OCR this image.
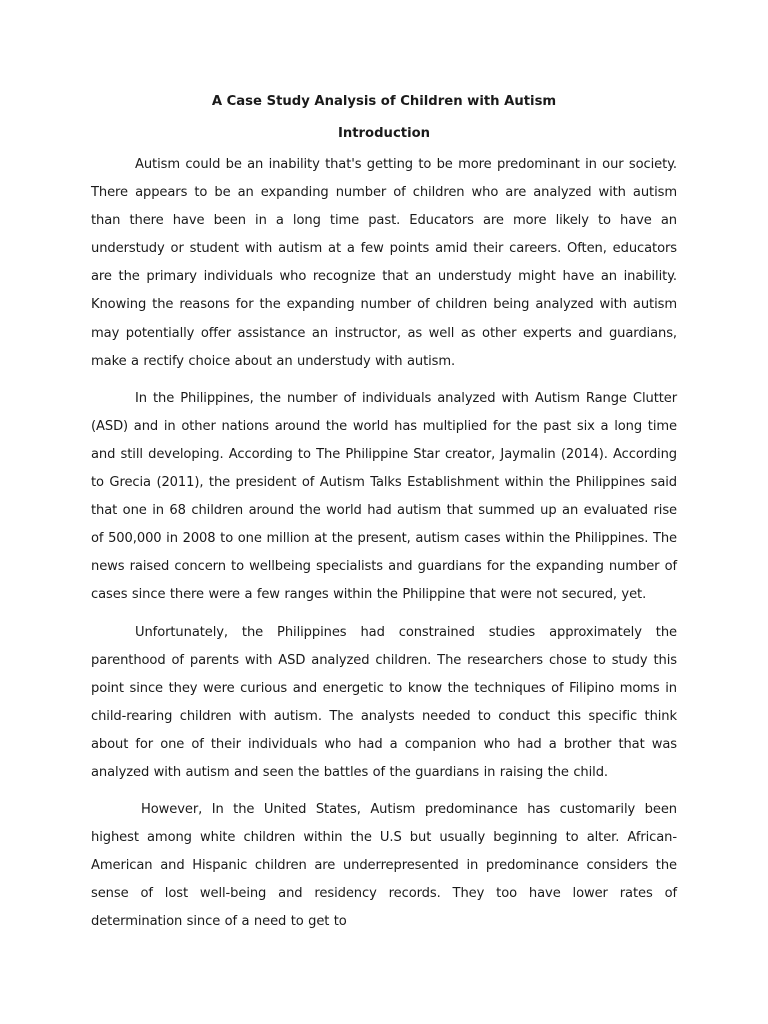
A Case Study Analysis of Children with Autism
Introduction

Autism could be an inability that's getting to be more predominant in our society. There appears to be an expanding number of children who are analyzed with autism than there have been in a long time past. Educators are more likely to have an understudy or student with autism at a few points amid their careers. Often, educators are the primary individuals who recognize that an understudy might have an inability. Knowing the reasons for the expanding number of children being analyzed with autism may potentially offer assistance an instructor, as well as other experts and guardians, make a rectify choice about an understudy with autism.

In the Philippines, the number of individuals analyzed with Autism Range Clutter (ASD) and in other nations around the world has multiplied for the past six a long time and still developing. According to The Philippine Star creator, Jaymalin (2014). According to Grecia (2011), the president of Autism Talks Establishment within the Philippines said that one in 68 children around the world had autism that summed up an evaluated rise of 500,000 in 2008 to one million at the present, autism cases within the Philippines. The news raised concern to wellbeing specialists and guardians for the expanding number of cases since there were a few ranges within the Philippine that were not secured, yet.

Unfortunately, the Philippines had constrained studies approximately the parenthood of parents with ASD analyzed children. The researchers chose to study this point since they were curious and energetic to know the techniques of Filipino moms in child-rearing children with autism. The analysts needed to conduct this specific think about for one of their individuals who had a companion who had a brother that was analyzed with autism and seen the battles of the guardians in raising the child.

However, In the United States, Autism predominance has customarily been highest among white children within the U.S but usually beginning to alter. African-American and Hispanic children are underrepresented in predominance considers the sense of lost well-being and residency records. They too have lower rates of determination since of a need to get to
